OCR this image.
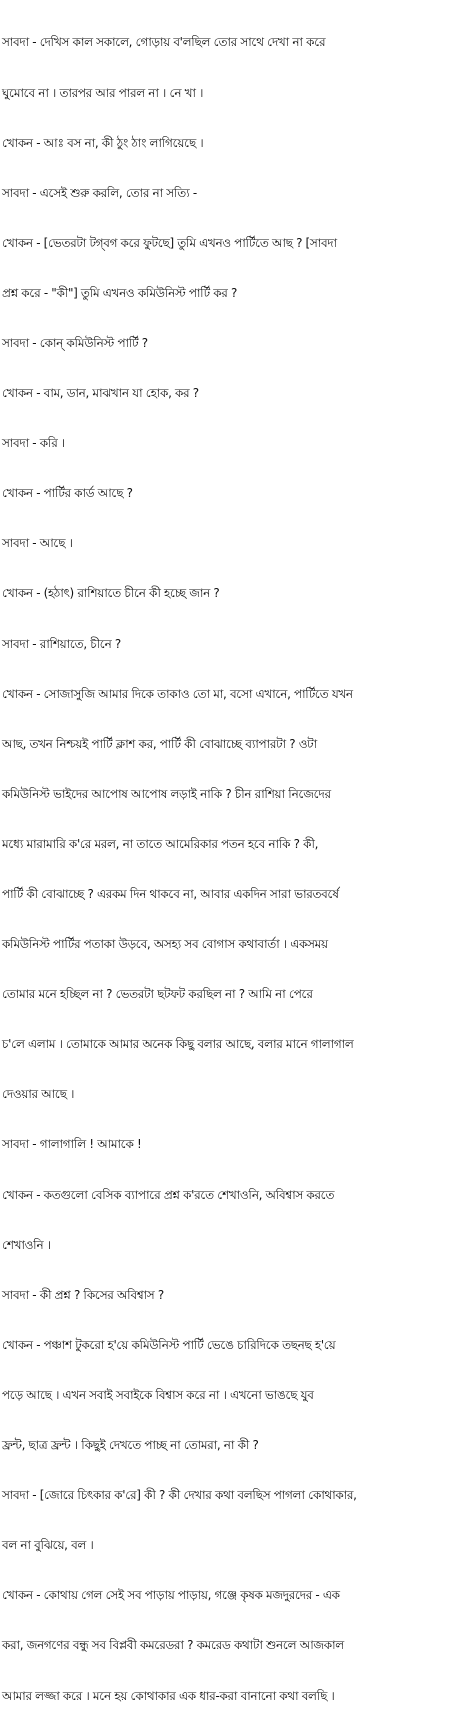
সাবদা - দেখিস কাল সকালে, গোড়ায় ব'লছিল তোর সাথে দেখা না করে

ঘুমোবে না । তারপর আর পারল না । নে খা ।

খোকন - আঃ বস না, কী ঠুং ঠাং লাগিয়েছে ।

সাবদা - এসেই শুরু করলি, তোর না সত্যি -

খোকন - [ভেতরটা টগ্‌বগ করে ফুটছে] তুমি এখনও পার্টিতে আছ ? [সাবদা

প্রশ্ন করে - "কী"] তুমি এখনও কমিউনিস্ট পার্টি কর ?

সাবদা - কোন্‌ কমিউনিস্ট পার্টি ?

খোকন - বাম, ডান, মাঝখান যা হোক, কর ?

সাবদা - করি ।

খোকন - পার্টির কার্ড আছে ?

সাবদা - আছে ।

খোকন - (হঠাৎ) রাশিয়াতে চীনে কী হচ্ছে জান ?

সাবদা - রাশিয়াতে, চীনে ?

খোকন - সোজাসুজি আমার দিকে তাকাও তো মা, বসো এখানে, পার্টিতে যখন

আছ, তখন নিশ্চয়ই পার্টি ক্লাশ কর, পার্টি কী বোঝাচ্ছে ব্যাপারটা ? ওটা

কমিউনিস্ট ভাইদের আপোষ আপোষ লড়াই নাকি ? চীন রাশিয়া নিজেদের

মধ্যে মারামারি ক'রে মরল, না তাতে আমেরিকার পতন হবে নাকি ? কী,

পার্টি কী বোঝাচ্ছে ? এরকম দিন থাকবে না, আবার একদিন সারা ভারতবর্ষে

কমিউনিস্ট পার্টির পতাকা উড়বে, অসহ্য সব বোগাস কথাবার্তা । একসময়

তোমার মনে হচ্ছিল না ? ভেতরটা ছটফট করছিল না ? আমি না পেরে

চ'লে এলাম । তোমাকে আমার অনেক কিছু বলার আছে, বলার মানে গালাগাল

দেওয়ার আছে ।

সাবদা - গালাগালি ! আমাকে !

খোকন - কতগুলো বেসিক ব্যাপারে প্রশ্ন ক'রতে শেখাওনি, অবিশ্বাস করতে

শেখাওনি ।

সাবদা - কী প্রশ্ন ? কিসের অবিশ্বাস ?

খোকন - পঞ্চাশ টুকরো হ'য়ে কমিউনিস্ট পার্টি ভেঙে চারিদিকে তছনছ হ'য়ে

পড়ে আছে । এখন সবাই সবাইকে বিশ্বাস করে না । এখনো ভাঙছে যুব

ফ্রন্ট, ছাত্র ফ্রন্ট । কিছুই দেখতে পাচ্ছ না তোমরা, না কী ?

সাবদা - [জোরে চিৎকার ক'রে] কী ? কী দেখার কথা বলছিস পাগলা কোথাকার,

বল না বুঝিয়ে, বল ।

খোকন - কোথায় গেল সেই সব পাড়ায় পাড়ায়, গঞ্জে কৃষক মজদুরদের - এক

করা, জনগণের বন্ধু সব বিপ্লবী কমরেডরা ? কমরেড কথাটা শুনলে আজকাল

আমার লজ্জা করে । মনে হয় কোথাকার এক ধার-করা বানানো কথা বলছি ।
